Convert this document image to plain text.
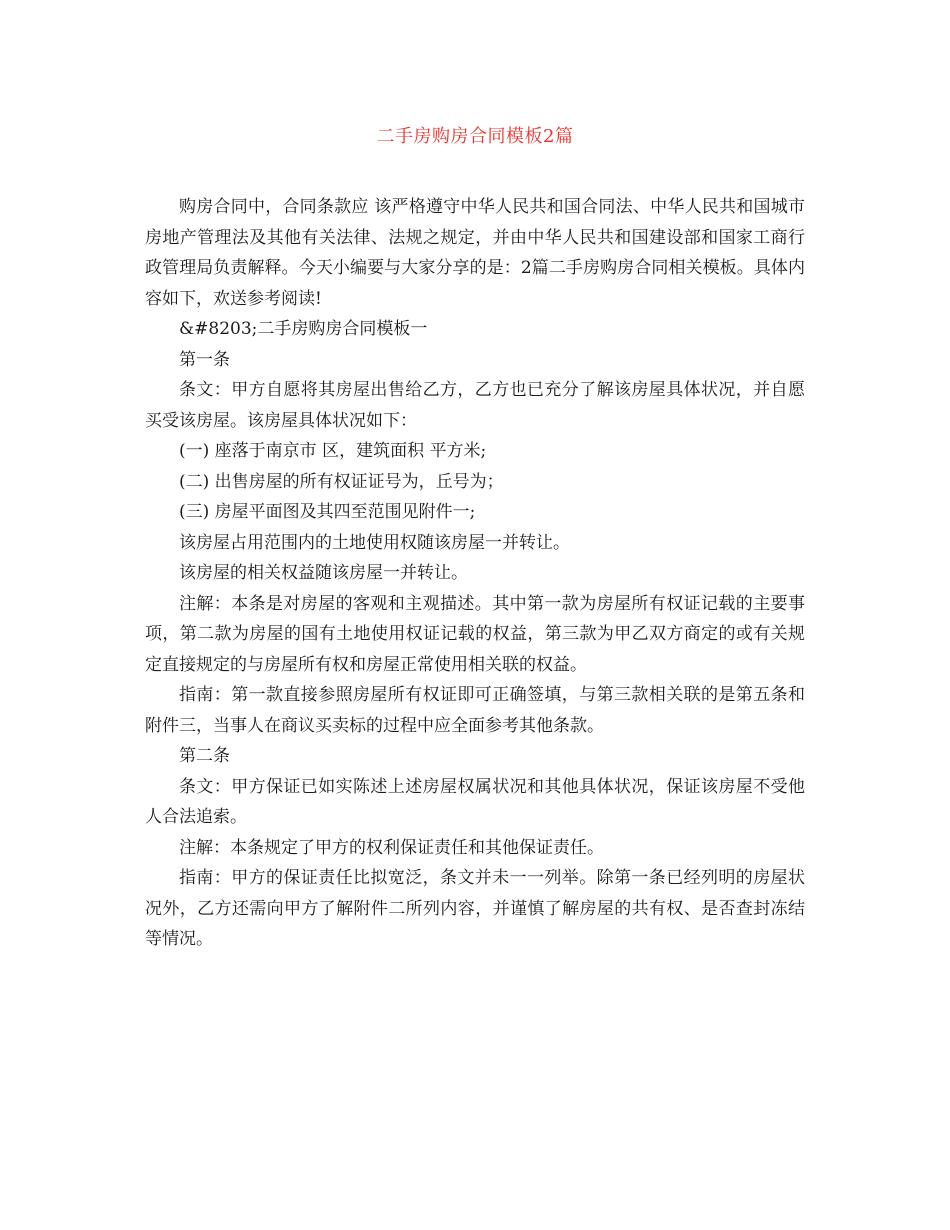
二手房购房合同模板2篇

购房合同中，合同条款应 该严格遵守中华人民共和国合同法、中华人民共和国城市房地产管理法及其他有关法律、法规之规定，并由中华人民共和国建设部和国家工商行政管理局负责解释。今天小编要与大家分享的是：2篇二手房购房合同相关模板。具体内容如下，欢送参考阅读!

&#8203;二手房购房合同模板一

第一条

条文：甲方自愿将其房屋出售给乙方，乙方也已充分了解该房屋具体状况，并自愿买受该房屋。该房屋具体状况如下：

(一) 座落于南京市 区，建筑面积 平方米;

(二) 出售房屋的所有权证证号为，丘号为；

(三) 房屋平面图及其四至范围见附件一;

该房屋占用范围内的土地使用权随该房屋一并转让。

该房屋的相关权益随该房屋一并转让。

注解：本条是对房屋的客观和主观描述。其中第一款为房屋所有权证记载的主要事项，第二款为房屋的国有土地使用权证记载的权益，第三款为甲乙双方商定的或有关规定直接规定的与房屋所有权和房屋正常使用相关联的权益。

指南：第一款直接参照房屋所有权证即可正确签填，与第三款相关联的是第五条和附件三，当事人在商议买卖标的过程中应全面参考其他条款。

第二条

条文：甲方保证已如实陈述上述房屋权属状况和其他具体状况，保证该房屋不受他人合法追索。

注解：本条规定了甲方的权利保证责任和其他保证责任。

指南：甲方的保证责任比拟宽泛，条文并未一一列举。除第一条已经列明的房屋状况外，乙方还需向甲方了解附件二所列内容，并谨慎了解房屋的共有权、是否查封冻结等情况。
